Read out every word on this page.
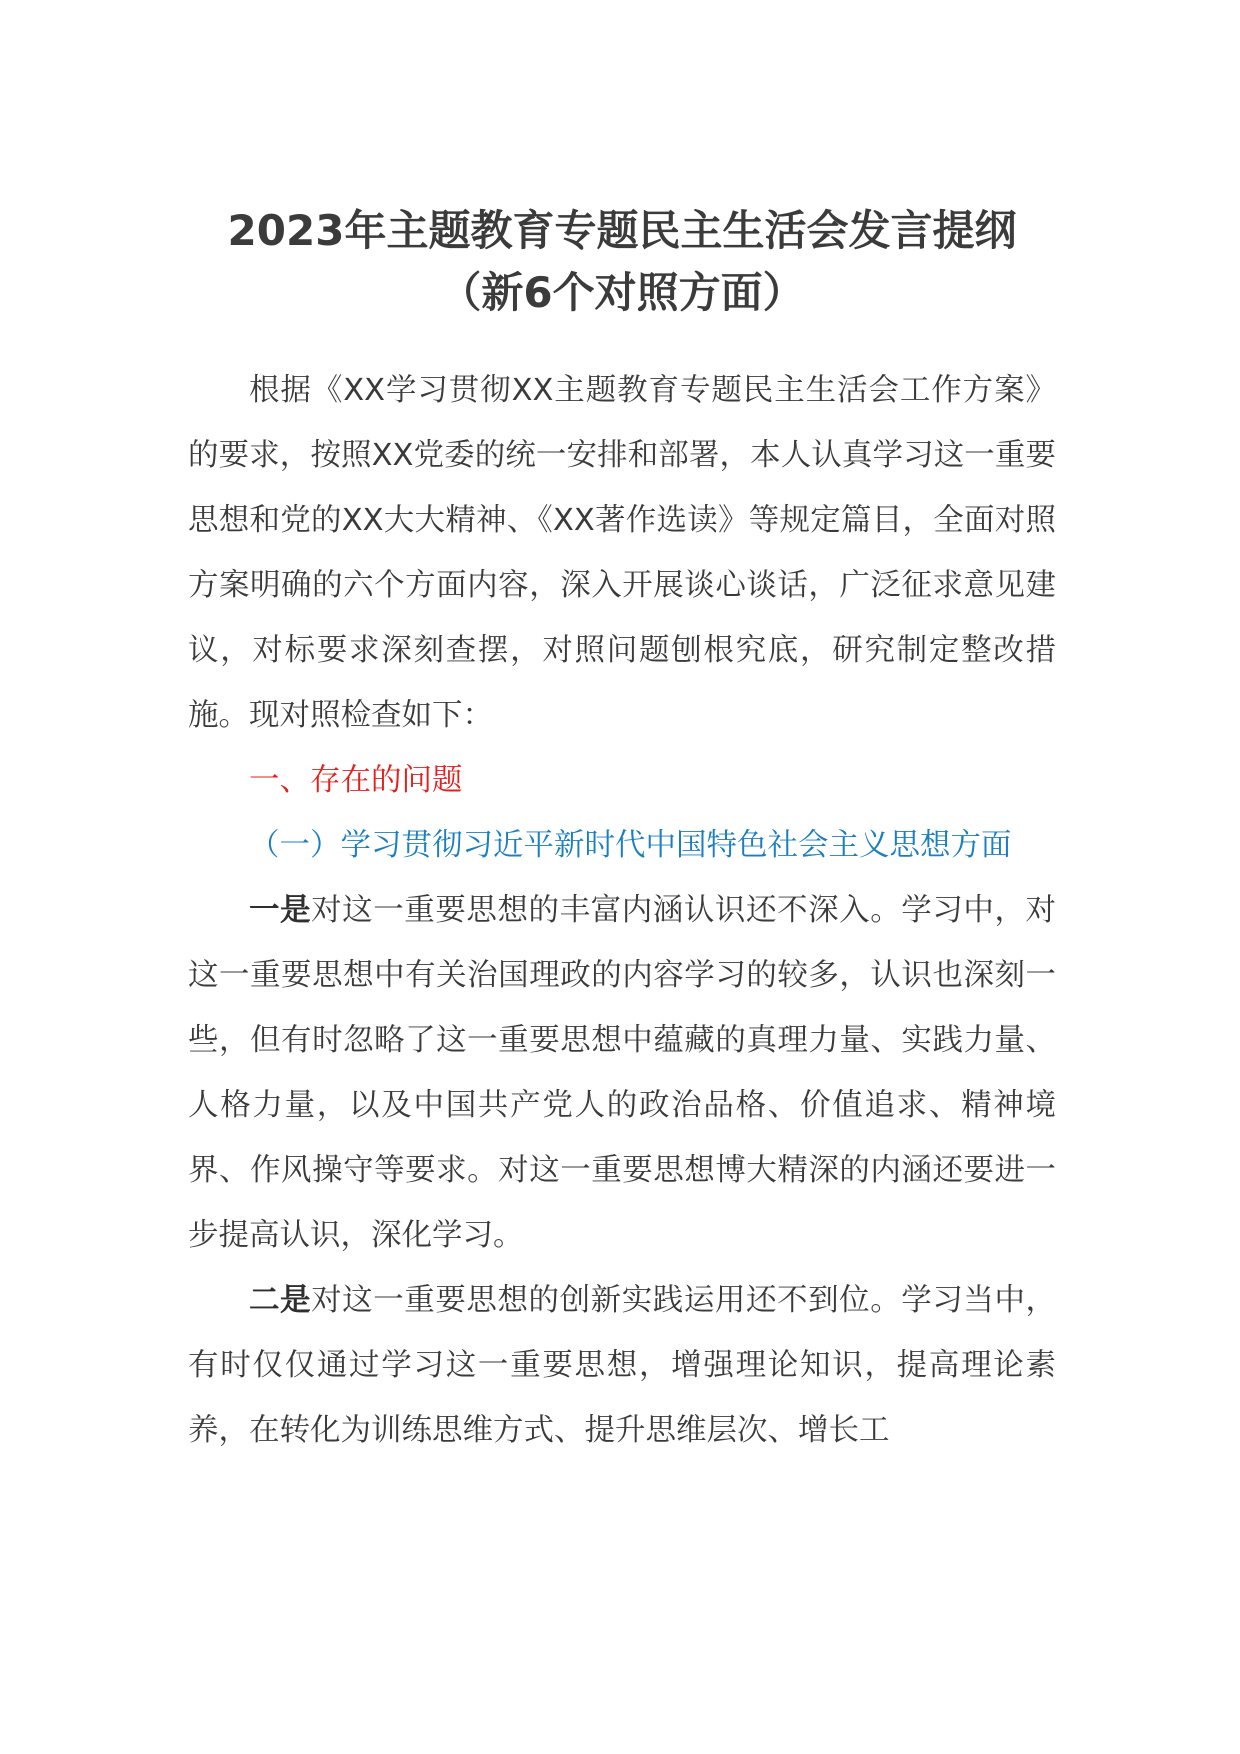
2023年主题教育专题民主生活会发言提纲
（新6个对照方面）

根据《XX学习贯彻XX主题教育专题民主生活会工作方案》的要求，按照XX党委的统一安排和部署，本人认真学习这一重要思想和党的XX大大精神、《XX著作选读》等规定篇目，全面对照方案明确的六个方面内容，深入开展谈心谈话，广泛征求意见建议，对标要求深刻查摆，对照问题刨根究底，研究制定整改措施。现对照检查如下：

一、存在的问题

（一）学习贯彻习近平新时代中国特色社会主义思想方面

一是对这一重要思想的丰富内涵认识还不深入。学习中，对这一重要思想中有关治国理政的内容学习的较多，认识也深刻一些，但有时忽略了这一重要思想中蕴藏的真理力量、实践力量、人格力量，以及中国共产党人的政治品格、价值追求、精神境界、作风操守等要求。对这一重要思想博大精深的内涵还要进一步提高认识，深化学习。

二是对这一重要思想的创新实践运用还不到位。学习当中，有时仅仅通过学习这一重要思想，增强理论知识，提高理论素养，在转化为训练思维方式、提升思维层次、增长工
